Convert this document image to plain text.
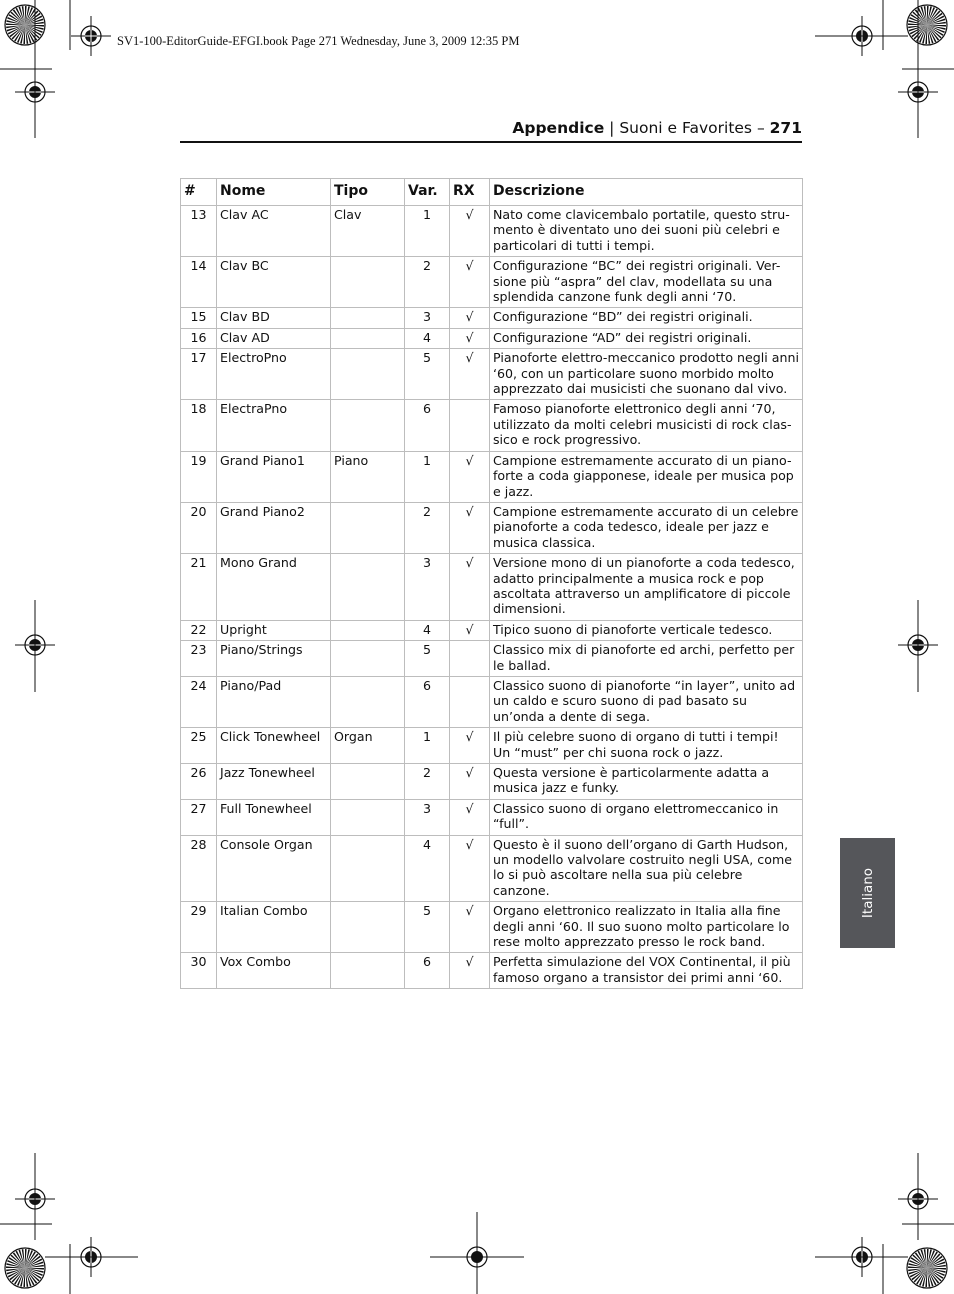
SV1-100-EditorGuide-EFGI.book Page 271 Wednesday, June 3, 2009 12:35 PM
Appendice | Suoni e Favorites – 271
#	Nome	Tipo	Var.	RX	Descrizione
13	Clav AC	Clav	1	√	Nato come clavicembalo portatile, questo stru-mento è diventato uno dei suoni più celebri e particolari di tutti i tempi.
14	Clav BC		2	√	Configurazione “BC” dei registri originali. Ver-sione più “aspra” del clav, modellata su una splendida canzone funk degli anni ‘70.
15	Clav BD		3	√	Configurazione “BD” dei registri originali.
16	Clav AD		4	√	Configurazione “AD” dei registri originali.
17	ElectroPno		5	√	Pianoforte elettro-meccanico prodotto negli anni ‘60, con un particolare suono morbido molto apprezzato dai musicisti che suonano dal vivo.
18	ElectraPno		6		Famoso pianoforte elettronico degli anni ‘70, utilizzato da molti celebri musicisti di rock clas-sico e rock progressivo.
19	Grand Piano1	Piano	1	√	Campione estremamente accurato di un piano-forte a coda giapponese, ideale per musica pop e jazz.
20	Grand Piano2		2	√	Campione estremamente accurato di un celebre pianoforte a coda tedesco, ideale per jazz e musica classica.
21	Mono Grand		3	√	Versione mono di un pianoforte a coda tedesco, adatto principalmente a musica rock e pop ascoltata attraverso un amplificatore di piccole dimensioni.
22	Upright		4	√	Tipico suono di pianoforte verticale tedesco.
23	Piano/Strings		5		Classico mix di pianoforte ed archi, perfetto per le ballad.
24	Piano/Pad		6		Classico suono di pianoforte “in layer”, unito ad un caldo e scuro suono di pad basato su un’onda a dente di sega.
25	Click Tonewheel	Organ	1	√	Il più celebre suono di organo di tutti i tempi! Un “must” per chi suona rock o jazz.
26	Jazz Tonewheel		2	√	Questa versione è particolarmente adatta a musica jazz e funky.
27	Full Tonewheel		3	√	Classico suono di organo elettromeccanico in “full”.
28	Console Organ		4	√	Questo è il suono dell’organo di Garth Hudson, un modello valvolare costruito negli USA, come lo si può ascoltare nella sua più celebre canzone.
29	Italian Combo		5	√	Organo elettronico realizzato in Italia alla fine degli anni ‘60. Il suo suono molto particolare lo rese molto apprezzato presso le rock band.
30	Vox Combo		6	√	Perfetta simulazione del VOX Continental, il più famoso organo a transistor dei primi anni ‘60.
Italiano
